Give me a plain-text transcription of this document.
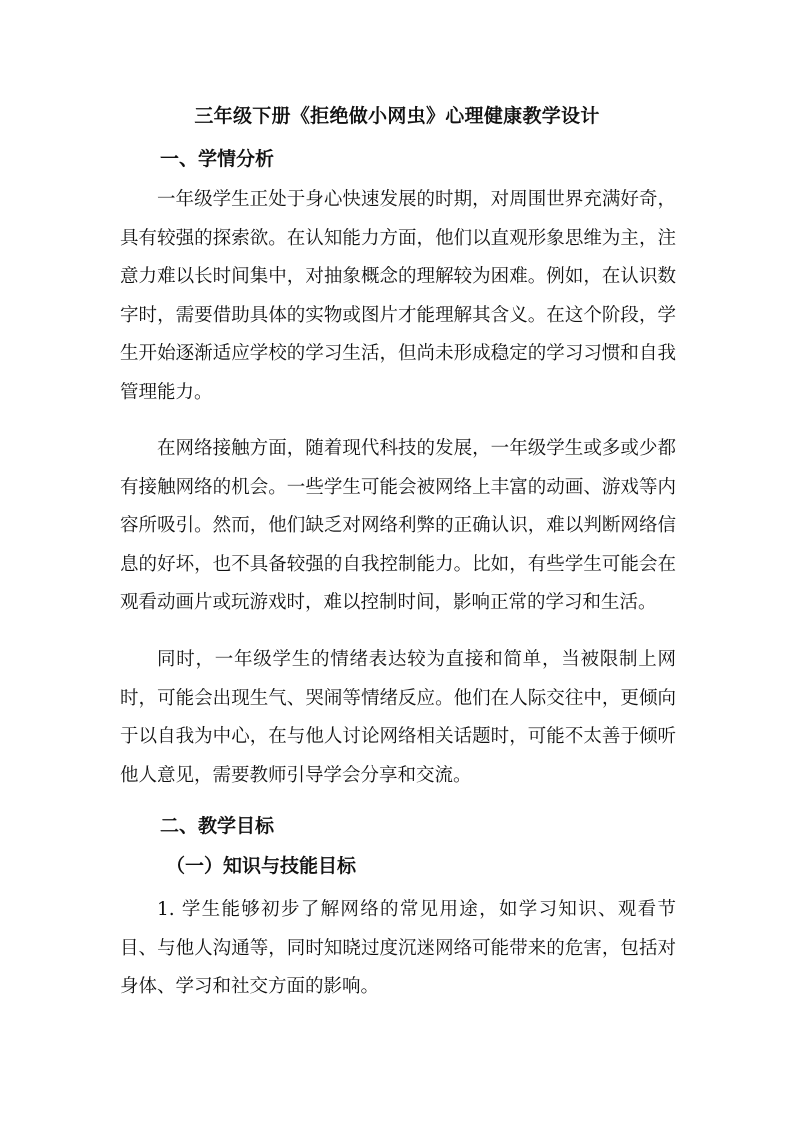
三年级下册《拒绝做小网虫》心理健康教学设计
一、学情分析

一年级学生正处于身心快速发展的时期，对周围世界充满好奇，具有较强的探索欲。在认知能力方面，他们以直观形象思维为主，注意力难以长时间集中，对抽象概念的理解较为困难。例如，在认识数字时，需要借助具体的实物或图片才能理解其含义。在这个阶段，学生开始逐渐适应学校的学习生活，但尚未形成稳定的学习习惯和自我管理能力。

在网络接触方面，随着现代科技的发展，一年级学生或多或少都有接触网络的机会。一些学生可能会被网络上丰富的动画、游戏等内容所吸引。然而，他们缺乏对网络利弊的正确认识，难以判断网络信息的好坏，也不具备较强的自我控制能力。比如，有些学生可能会在观看动画片或玩游戏时，难以控制时间，影响正常的学习和生活。

同时，一年级学生的情绪表达较为直接和简单，当被限制上网时，可能会出现生气、哭闹等情绪反应。他们在人际交往中，更倾向于以自我为中心，在与他人讨论网络相关话题时，可能不太善于倾听他人意见，需要教师引导学会分享和交流。

二、教学目标
（一）知识与技能目标

1. 学生能够初步了解网络的常见用途，如学习知识、观看节目、与他人沟通等，同时知晓过度沉迷网络可能带来的危害，包括对身体、学习和社交方面的影响。
